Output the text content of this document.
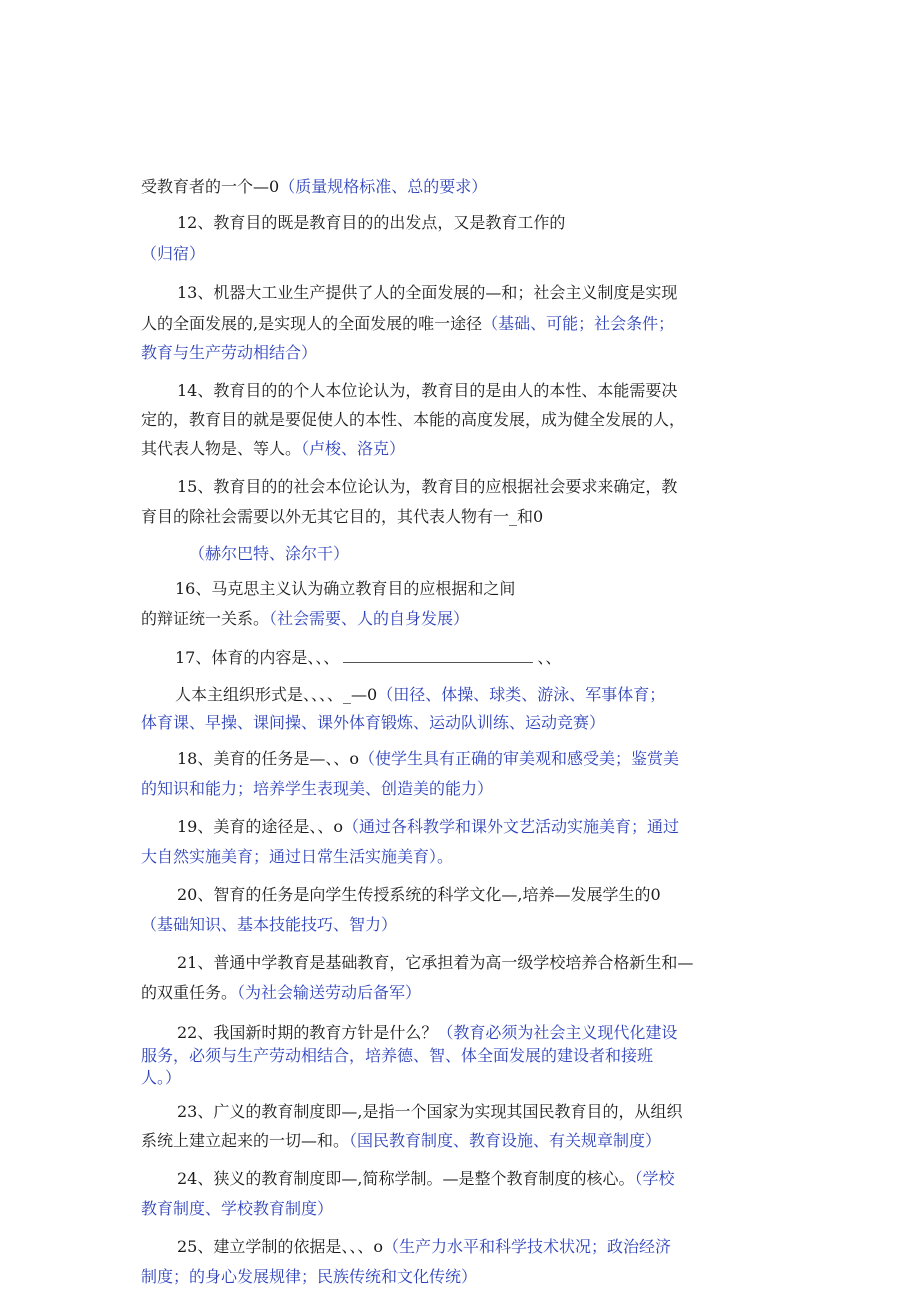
受教育者的一个—0（质量规格标准、总的要求）
12、教育目的既是教育目的的出发点，又是教育工作的
（归宿）
13、机器大工业生产提供了人的全面发展的—和；社会主义制度是实现
人的全面发展的,是实现人的全面发展的唯一途径（基础、可能；社会条件；
教育与生产劳动相结合）
14、教育目的的个人本位论认为，教育目的是由人的本性、本能需要决
定的，教育目的就是要促使人的本性、本能的高度发展，成为健全发展的人，
其代表人物是、等人。（卢梭、洛克）
15、教育目的的社会本位论认为，教育目的应根据社会要求来确定，教
育目的除社会需要以外无其它目的，其代表人物有一_和0
（赫尔巴特、涂尔干）
16、马克思主义认为确立教育目的应根据和之间
的辩证统一关系。（社会需要、人的自身发展）
17、体育的内容是、、、	、、
人本主组织形式是、、、、_—0（田径、体操、球类、游泳、军事体育；
体育课、早操、课间操、课外体育锻炼、运动队训练、运动竞赛）
18、美育的任务是—、、o（使学生具有正确的审美观和感受美；鉴赏美
的知识和能力；培养学生表现美、创造美的能力）
19、美育的途径是、、o（通过各科教学和课外文艺活动实施美育；通过
大自然实施美育；通过日常生活实施美育）。
20、智育的任务是向学生传授系统的科学文化—,培养—发展学生的0
（基础知识、基本技能技巧、智力）
21、普通中学教育是基础教育，它承担着为高一级学校培养合格新生和—
的双重任务。（为社会输送劳动后备军）
22、我国新时期的教育方针是什么？（教育必须为社会主义现代化建设
服务，必须与生产劳动相结合，培养德、智、体全面发展的建设者和接班
人。）
23、广义的教育制度即—,是指一个国家为实现其国民教育目的，从组织
系统上建立起来的一切—和。（国民教育制度、教育设施、有关规章制度）
24、狭义的教育制度即—,简称学制。—是整个教育制度的核心。（学校
教育制度、学校教育制度）
25、建立学制的依据是、、、o（生产力水平和科学技术状况；政治经济
制度；的身心发展规律；民族传统和文化传统）
